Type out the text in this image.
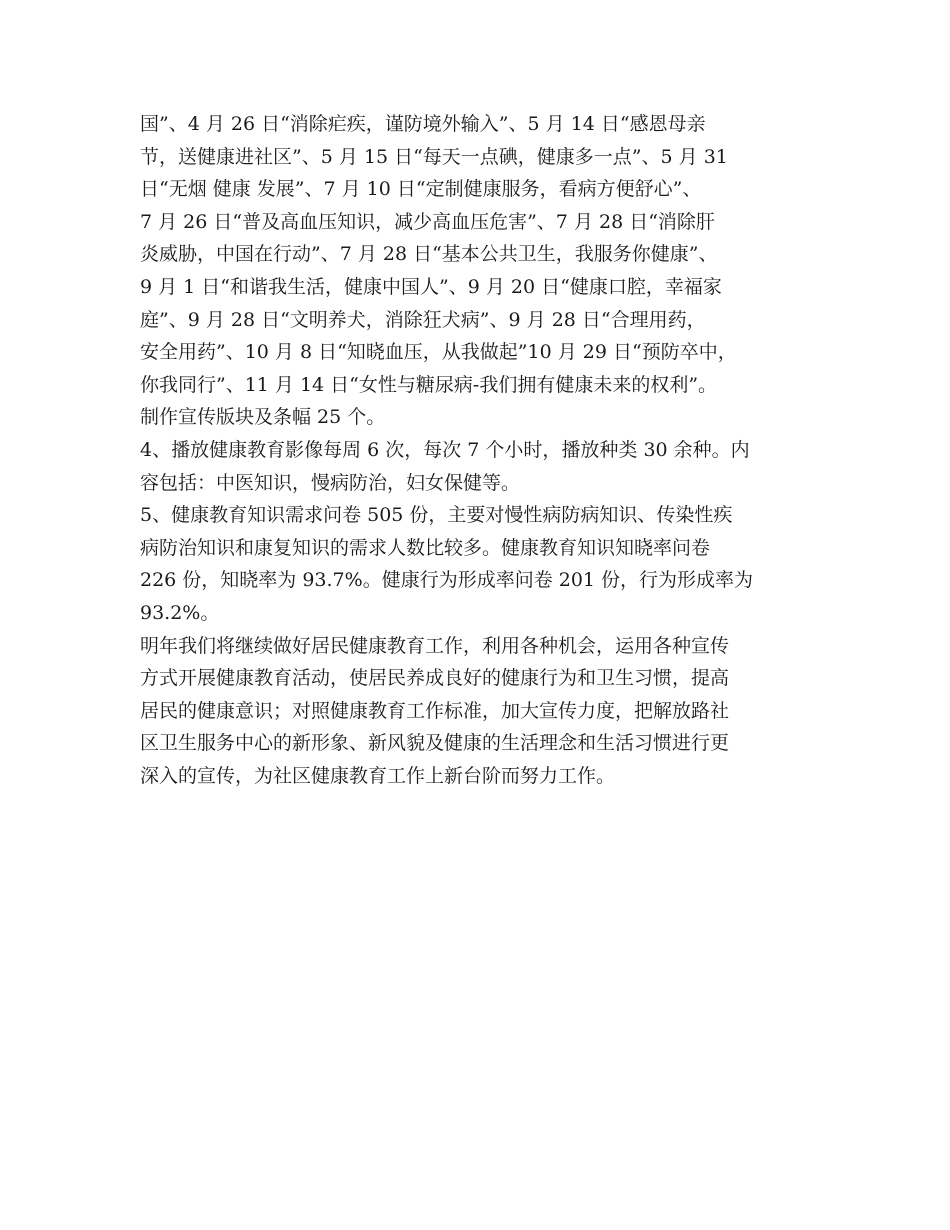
国”、4 月 26 日“消除疟疾，谨防境外输入”、5 月 14 日“感恩母亲
节，送健康进社区”、5 月 15 日“每天一点碘，健康多一点”、5 月 31
日“无烟 健康 发展”、7 月 10 日“定制健康服务，看病方便舒心”、
7 月 26 日“普及高血压知识，减少高血压危害”、7 月 28 日“消除肝
炎威胁，中国在行动”、7 月 28 日“基本公共卫生，我服务你健康”、
9 月 1 日“和谐我生活，健康中国人”、9 月 20 日“健康口腔，幸福家
庭”、9 月 28 日“文明养犬，消除狂犬病”、9 月 28 日“合理用药，
安全用药”、10 月 8 日“知晓血压，从我做起”10 月 29 日“预防卒中，
你我同行”、11 月 14 日“女性与糖尿病-我们拥有健康未来的权利”。
制作宣传版块及条幅 25 个。
4、播放健康教育影像每周 6 次，每次 7 个小时，播放种类 30 余种。内
容包括：中医知识，慢病防治，妇女保健等。
5、健康教育知识需求问卷 505 份，主要对慢性病防病知识、传染性疾
病防治知识和康复知识的需求人数比较多。健康教育知识知晓率问卷
226 份，知晓率为 93.7%。健康行为形成率问卷 201 份，行为形成率为
93.2%。
明年我们将继续做好居民健康教育工作，利用各种机会，运用各种宣传
方式开展健康教育活动，使居民养成良好的健康行为和卫生习惯，提高
居民的健康意识；对照健康教育工作标准，加大宣传力度，把解放路社
区卫生服务中心的新形象、新风貌及健康的生活理念和生活习惯进行更
深入的宣传，为社区健康教育工作上新台阶而努力工作。
